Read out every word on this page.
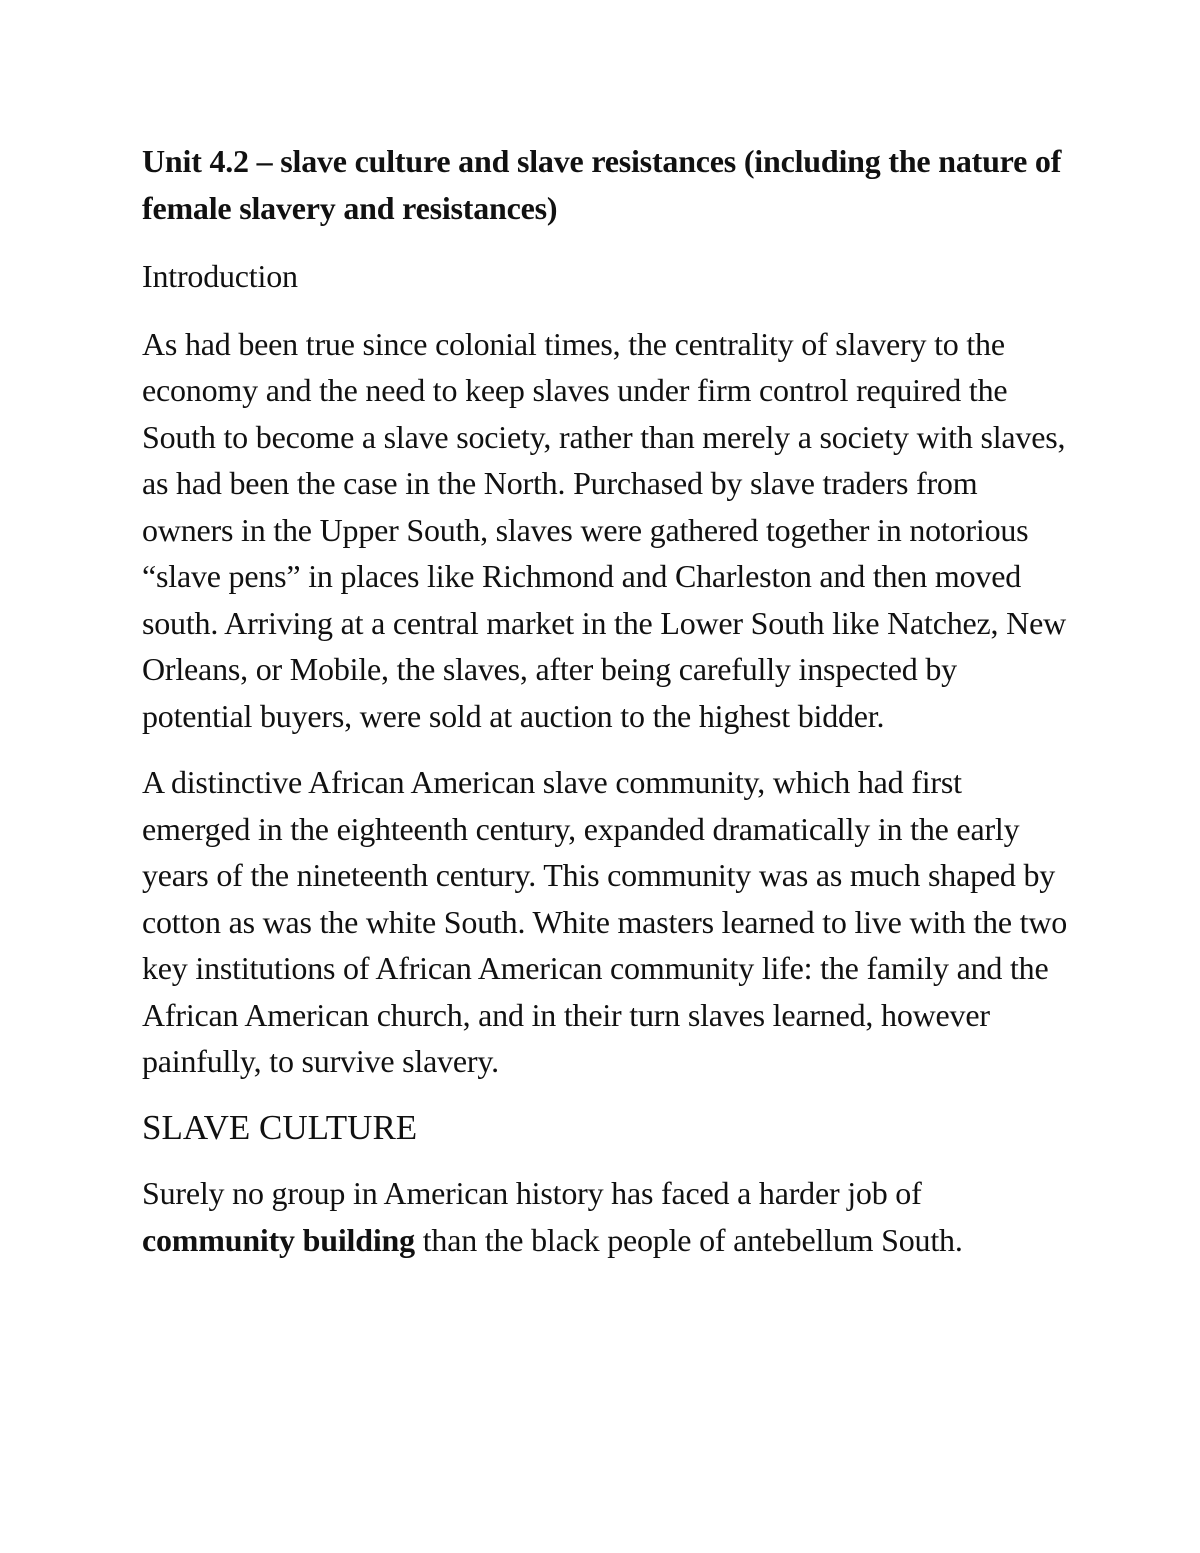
Unit 4.2 – slave culture and slave resistances (including the nature of female slavery and resistances)
Introduction
As had been true since colonial times, the centrality of slavery to the economy and the need to keep slaves under firm control required the South to become a slave society, rather than merely a society with slaves, as had been the case in the North. Purchased by slave traders from owners in the Upper South, slaves were gathered together in notorious “slave pens” in places like Richmond and Charleston and then moved south. Arriving at a central market in the Lower South like Natchez, New Orleans, or Mobile, the slaves, after being carefully inspected by potential buyers, were sold at auction to the highest bidder.
A distinctive African American slave community, which had first emerged in the eighteenth century, expanded dramatically in the early years of the nineteenth century. This community was as much shaped by cotton as was the white South. White masters learned to live with the two key institutions of African American community life: the family and the African American church, and in their turn slaves learned, however painfully, to survive slavery.
SLAVE CULTURE
Surely no group in American history has faced a harder job of community building than the black people of antebellum South.
